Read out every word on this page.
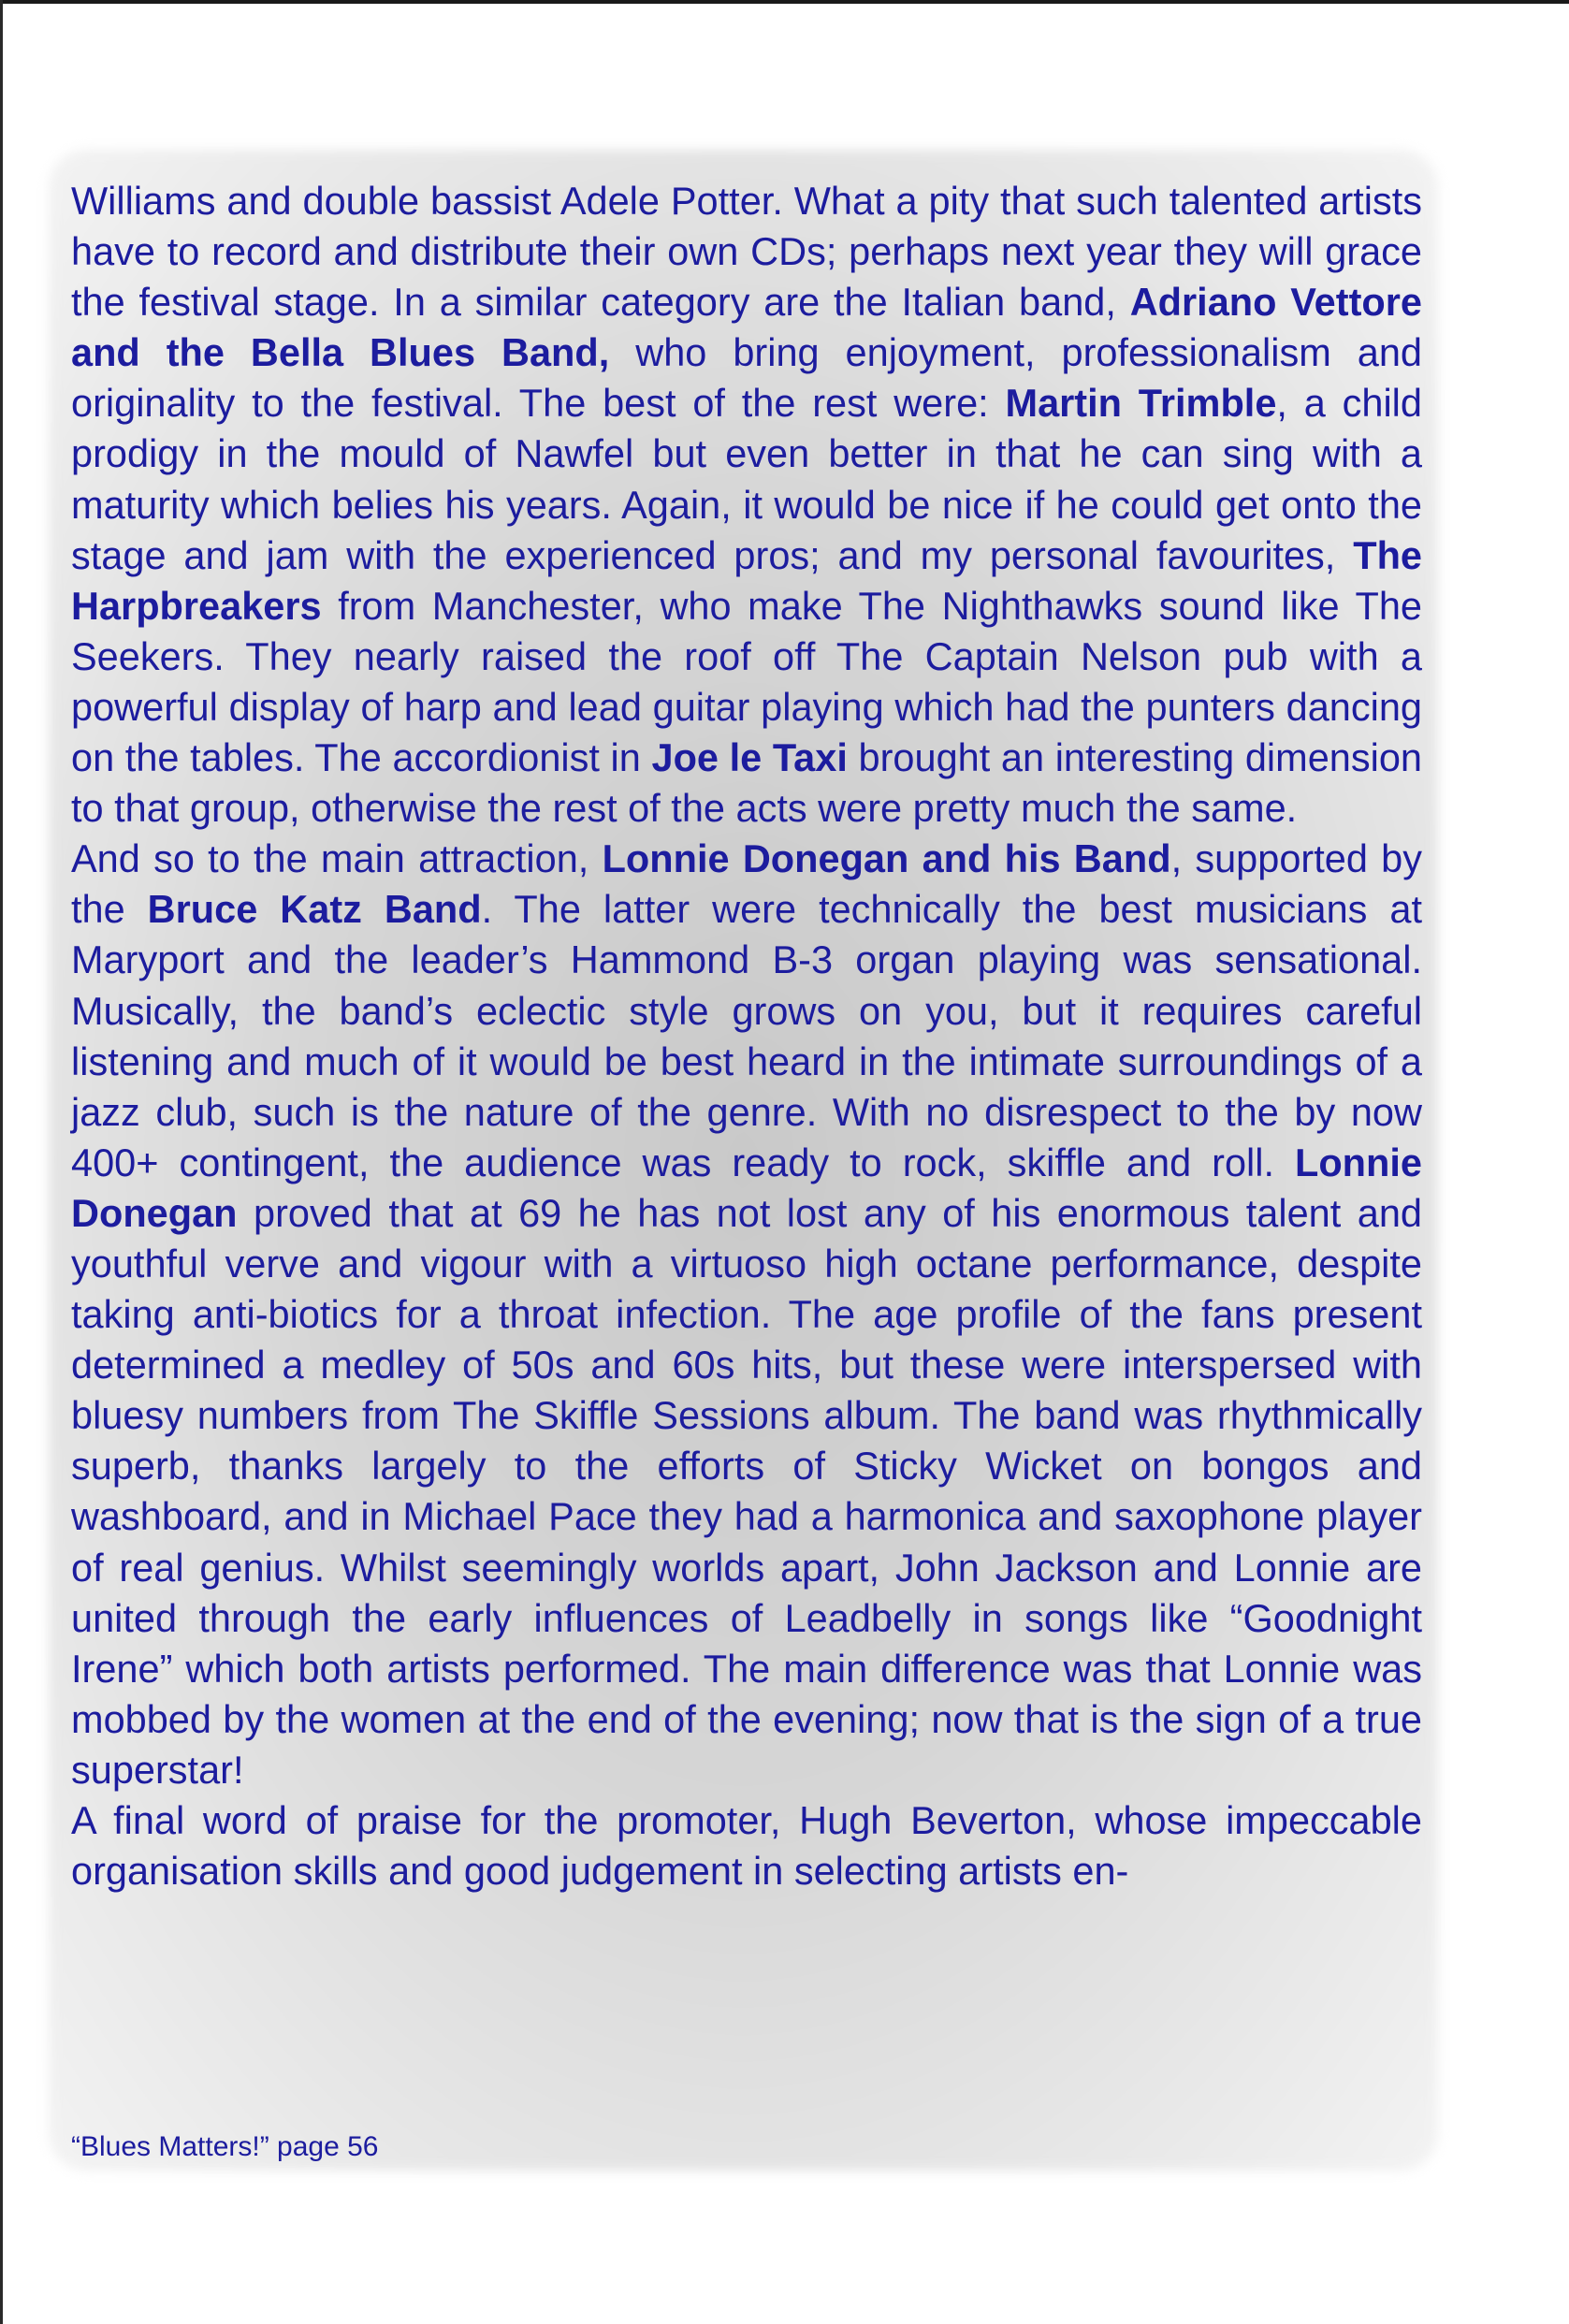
Williams and double bassist Adele Potter. What a pity that such talented artists have to record and distribute their own CDs; perhaps next year they will grace the festival stage. In a similar category are the Italian band, Adriano Vettore and the Bella Blues Band, who bring enjoyment, professionalism and originality to the festival. The best of the rest were: Martin Trimble, a child prodigy in the mould of Nawfel but even better in that he can sing with a maturity which belies his years. Again, it would be nice if he could get onto the stage and jam with the experienced pros; and my personal favourites, The Harpbreakers from Manchester, who make The Nighthawks sound like The Seekers. They nearly raised the roof off The Captain Nelson pub with a powerful display of harp and lead guitar playing which had the punters dancing on the tables. The accordionist in Joe le Taxi brought an interesting dimension to that group, otherwise the rest of the acts were pretty much the same.

And so to the main attraction, Lonnie Donegan and his Band, supported by the Bruce Katz Band. The latter were technically the best musicians at Maryport and the leader’s Hammond B-3 organ playing was sensational. Musically, the band’s eclectic style grows on you, but it requires careful listening and much of it would be best heard in the intimate surroundings of a jazz club, such is the nature of the genre. With no disrespect to the by now 400+ contingent, the audience was ready to rock, skiffle and roll. Lonnie Donegan proved that at 69 he has not lost any of his enormous talent and youthful verve and vigour with a virtuoso high octane performance, despite taking anti-biotics for a throat infection. The age profile of the fans present determined a medley of 50s and 60s hits, but these were interspersed with bluesy numbers from The Skiffle Sessions album. The band was rhythmically superb, thanks largely to the efforts of Sticky Wicket on bongos and washboard, and in Michael Pace they had a harmonica and saxophone player of real genius. Whilst seemingly worlds apart, John Jackson and Lonnie are united through the early influences of Leadbelly in songs like “Goodnight Irene” which both artists performed. The main difference was that Lonnie was mobbed by the women at the end of the evening; now that is the sign of a true superstar!

A final word of praise for the promoter, Hugh Beverton, whose impeccable organisation skills and good judgement in selecting artists en-

“Blues Matters!” page 56
